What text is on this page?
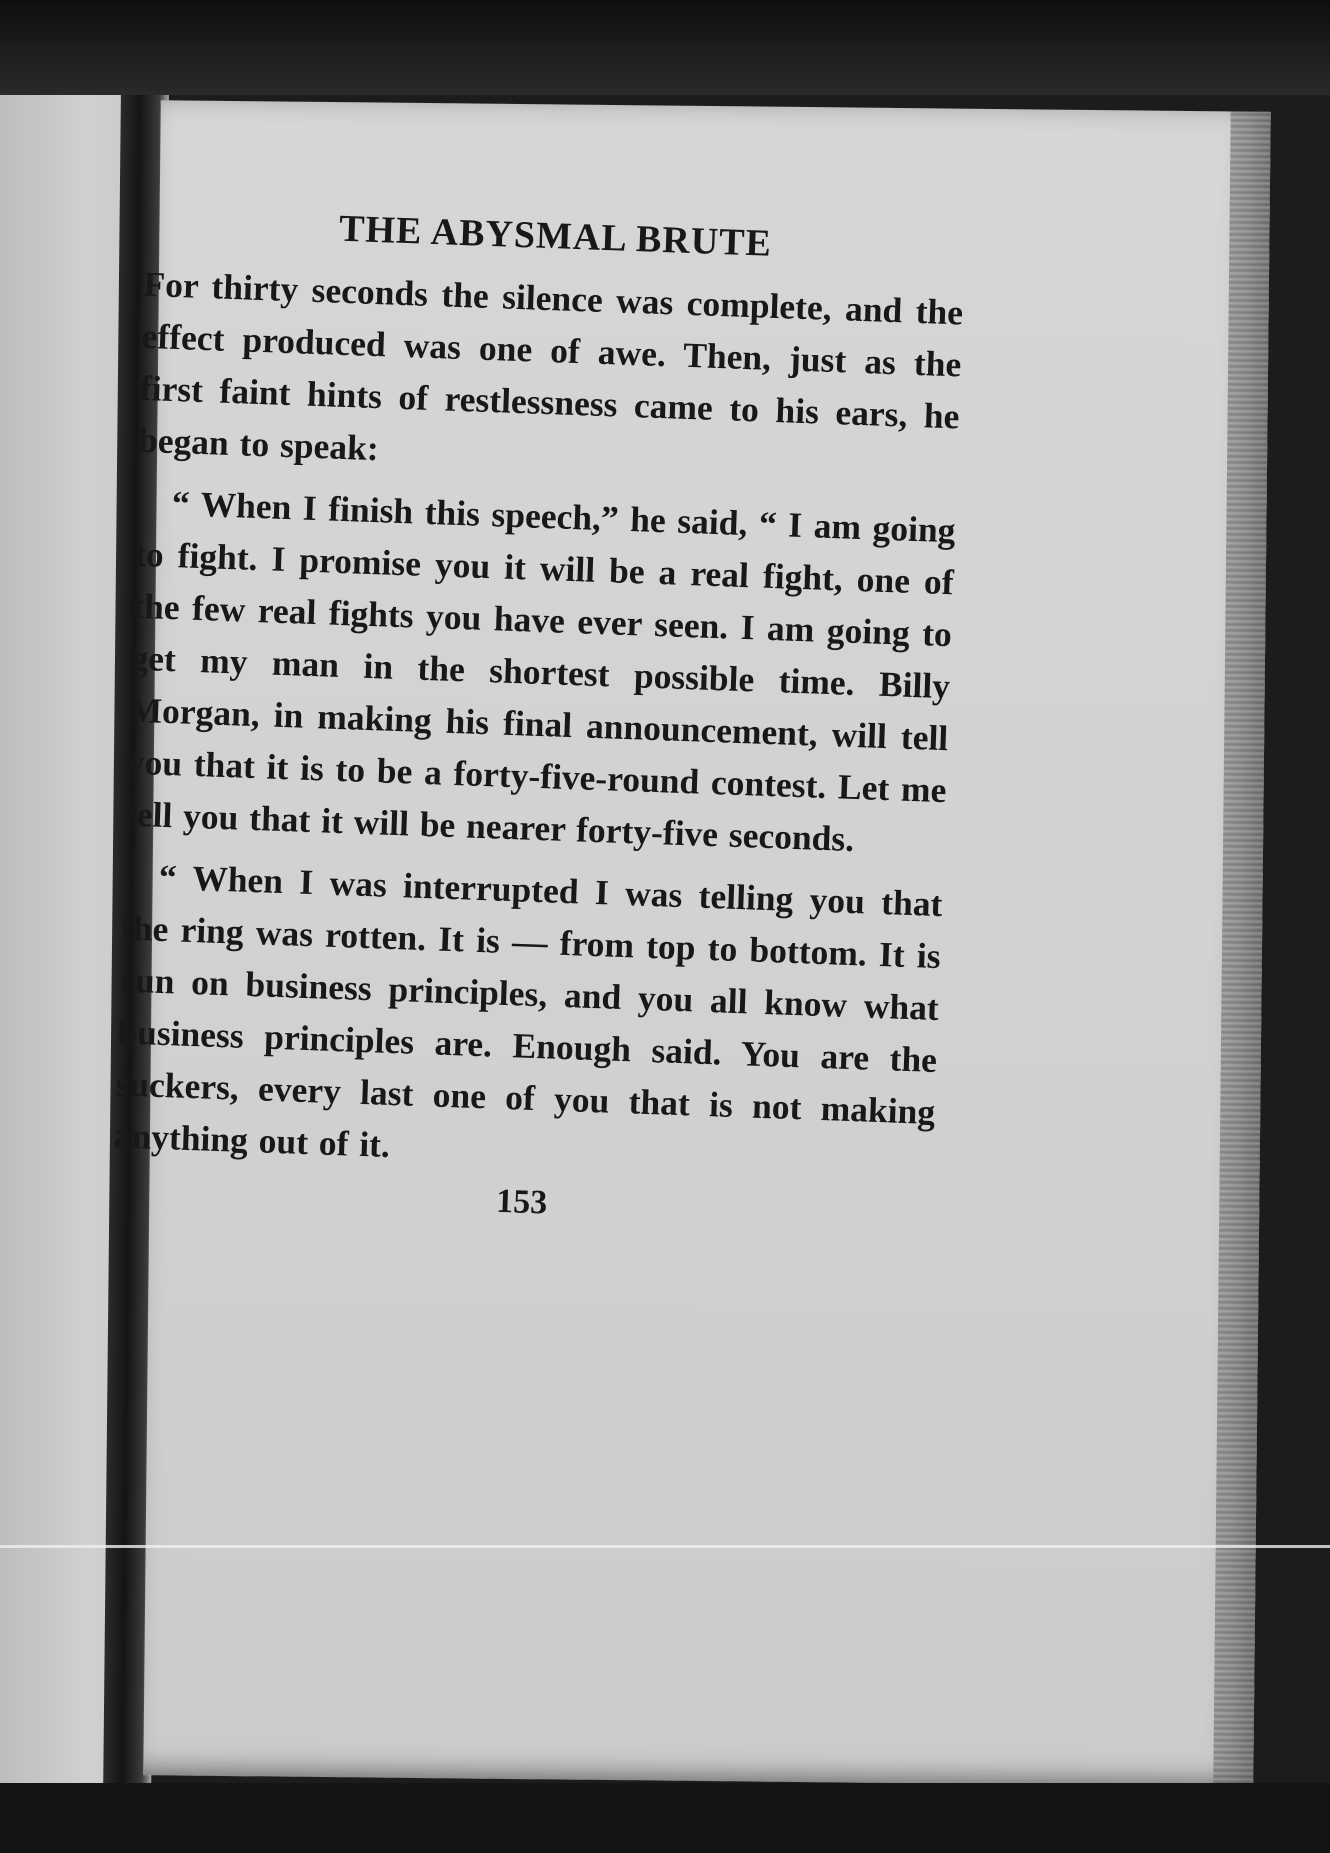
THE ABYSMAL BRUTE

For thirty seconds the silence was complete, and the effect produced was one of awe. Then, just as the first faint hints of restlessness came to his ears, he began to speak:

“ When I finish this speech,” he said, “ I am going to fight. I promise you it will be a real fight, one of the few real fights you have ever seen. I am going to get my man in the shortest possible time. Billy Morgan, in making his final announcement, will tell you that it is to be a forty-five-round contest. Let me tell you that it will be nearer forty-five seconds.

“ When I was interrupted I was telling you that the ring was rotten. It is — from top to bottom. It is run on business principles, and you all know what business principles are. Enough said. You are the suckers, every last one of you that is not making anything out of it.

153
